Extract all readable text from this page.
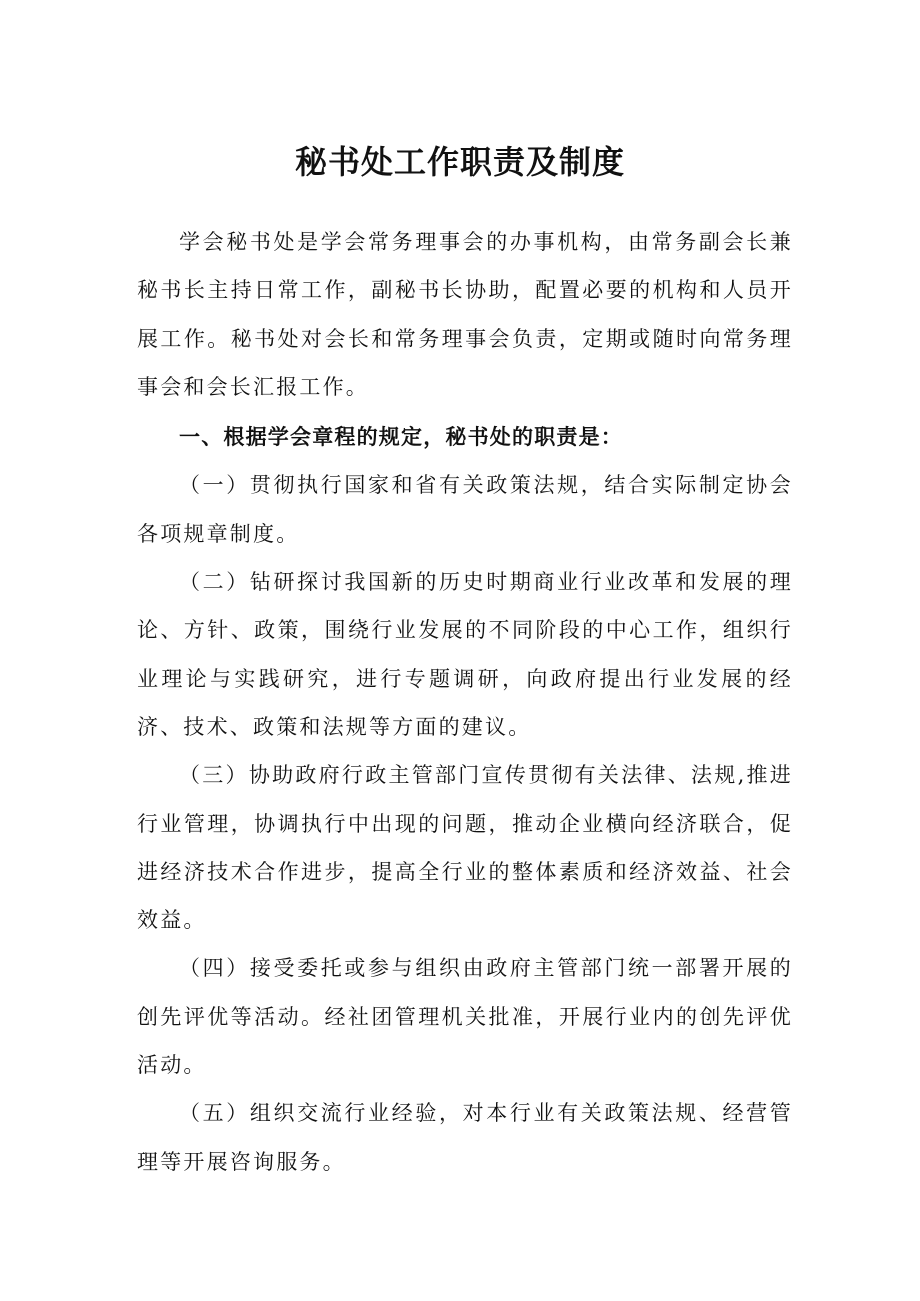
秘书处工作职责及制度

学会秘书处是学会常务理事会的办事机构，由常务副会长兼秘书长主持日常工作，副秘书长协助，配置必要的机构和人员开展工作。秘书处对会长和常务理事会负责，定期或随时向常务理事会和会长汇报工作。

一、根据学会章程的规定，秘书处的职责是：

（一）贯彻执行国家和省有关政策法规，结合实际制定协会各项规章制度。

（二）钻研探讨我国新的历史时期商业行业改革和发展的理论、方针、政策，围绕行业发展的不同阶段的中心工作，组织行业理论与实践研究，进行专题调研，向政府提出行业发展的经济、技术、政策和法规等方面的建议。

（三）协助政府行政主管部门宣传贯彻有关法律、法规,推进行业管理，协调执行中出现的问题，推动企业横向经济联合，促进经济技术合作进步，提高全行业的整体素质和经济效益、社会效益。

（四）接受委托或参与组织由政府主管部门统一部署开展的创先评优等活动。经社团管理机关批准，开展行业内的创先评优活动。

（五）组织交流行业经验，对本行业有关政策法规、经营管理等开展咨询服务。
